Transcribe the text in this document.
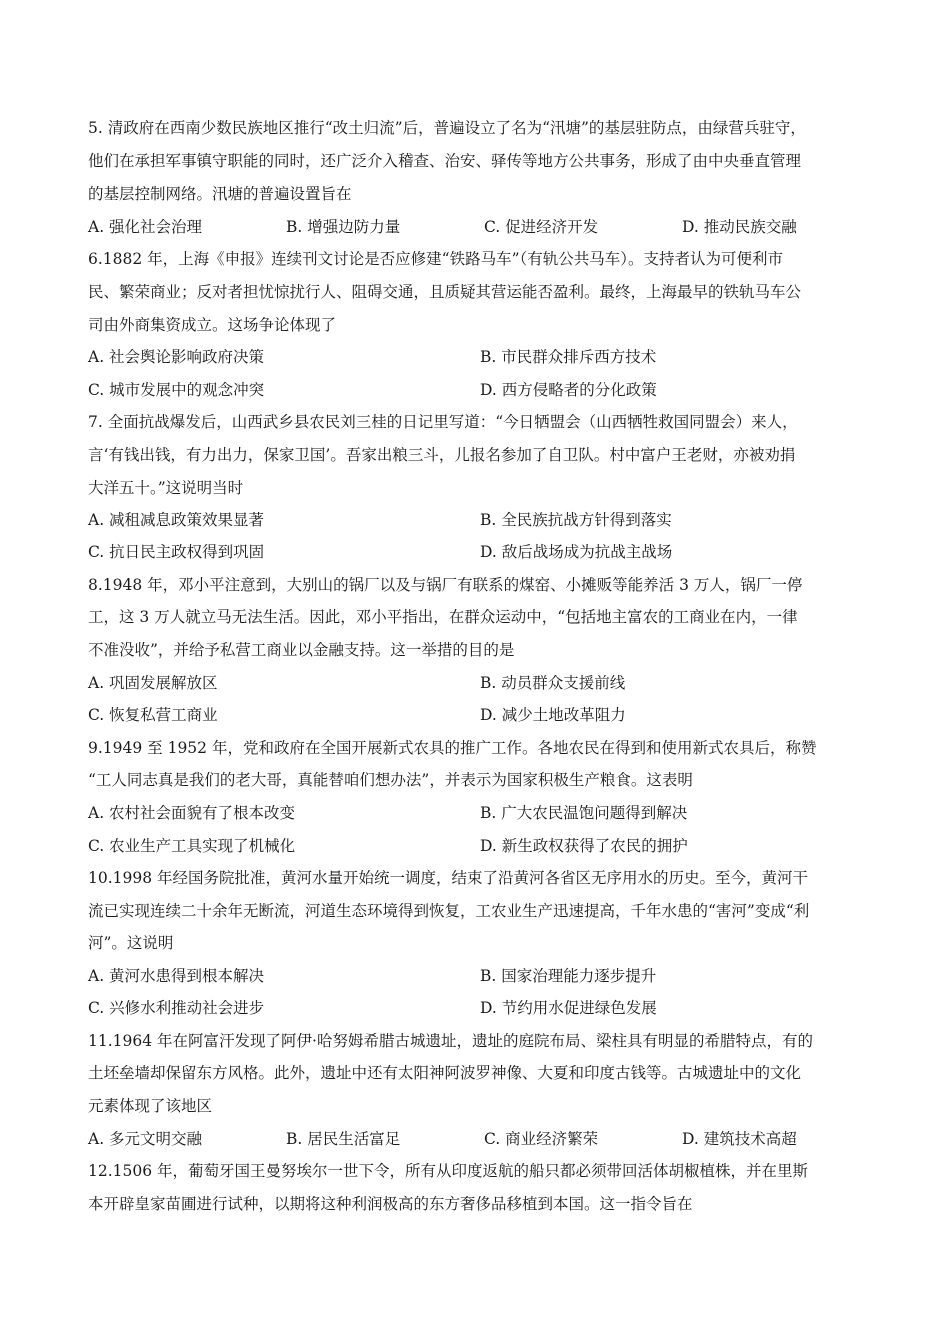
5. 清政府在西南少数民族地区推行“改土归流”后，普遍设立了名为“汛塘”的基层驻防点，由绿营兵驻守，
他们在承担军事镇守职能的同时，还广泛介入稽查、治安、驿传等地方公共事务，形成了由中央垂直管理
的基层控制网络。汛塘的普遍设置旨在
A. 强化社会治理	B. 增强边防力量	C. 促进经济开发	D. 推动民族交融
6.1882 年，上海《申报》连续刊文讨论是否应修建“铁路马车”（有轨公共马车）。支持者认为可便利市
民、繁荣商业；反对者担忧惊扰行人、阻碍交通，且质疑其营运能否盈利。最终，上海最早的铁轨马车公
司由外商集资成立。这场争论体现了
A. 社会舆论影响政府决策	B. 市民群众排斥西方技术
C. 城市发展中的观念冲突	D. 西方侵略者的分化政策
7. 全面抗战爆发后，山西武乡县农民刘三桂的日记里写道：“今日牺盟会（山西牺牲救国同盟会）来人，
言‘有钱出钱，有力出力，保家卫国’。吾家出粮三斗，儿报名参加了自卫队。村中富户王老财，亦被劝捐
大洋五十。”这说明当时
A. 减租减息政策效果显著	B. 全民族抗战方针得到落实
C. 抗日民主政权得到巩固	D. 敌后战场成为抗战主战场
8.1948 年，邓小平注意到，大别山的锅厂以及与锅厂有联系的煤窑、小摊贩等能养活 3 万人，锅厂一停
工，这 3 万人就立马无法生活。因此，邓小平指出，在群众运动中，“包括地主富农的工商业在内，一律
不准没收”，并给予私营工商业以金融支持。这一举措的目的是
A. 巩固发展解放区	B. 动员群众支援前线
C. 恢复私营工商业	D. 减少土地改革阻力
9.1949 至 1952 年，党和政府在全国开展新式农具的推广工作。各地农民在得到和使用新式农具后，称赞
“工人同志真是我们的老大哥，真能替咱们想办法”，并表示为国家积极生产粮食。这表明
A. 农村社会面貌有了根本改变	B. 广大农民温饱问题得到解决
C. 农业生产工具实现了机械化	D. 新生政权获得了农民的拥护
10.1998 年经国务院批准，黄河水量开始统一调度，结束了沿黄河各省区无序用水的历史。至今，黄河干
流已实现连续二十余年无断流，河道生态环境得到恢复，工农业生产迅速提高，千年水患的“害河”变成“利
河”。这说明
A. 黄河水患得到根本解决	B. 国家治理能力逐步提升
C. 兴修水利推动社会进步	D. 节约用水促进绿色发展
11.1964 年在阿富汗发现了阿伊·哈努姆希腊古城遗址，遗址的庭院布局、梁柱具有明显的希腊特点，有的
土坯垒墙却保留东方风格。此外，遗址中还有太阳神阿波罗神像、大夏和印度古钱等。古城遗址中的文化
元素体现了该地区
A. 多元文明交融	B. 居民生活富足	C. 商业经济繁荣	D. 建筑技术高超
12.1506 年，葡萄牙国王曼努埃尔一世下令，所有从印度返航的船只都必须带回活体胡椒植株，并在里斯
本开辟皇家苗圃进行试种，以期将这种利润极高的东方奢侈品移植到本国。这一指令旨在
